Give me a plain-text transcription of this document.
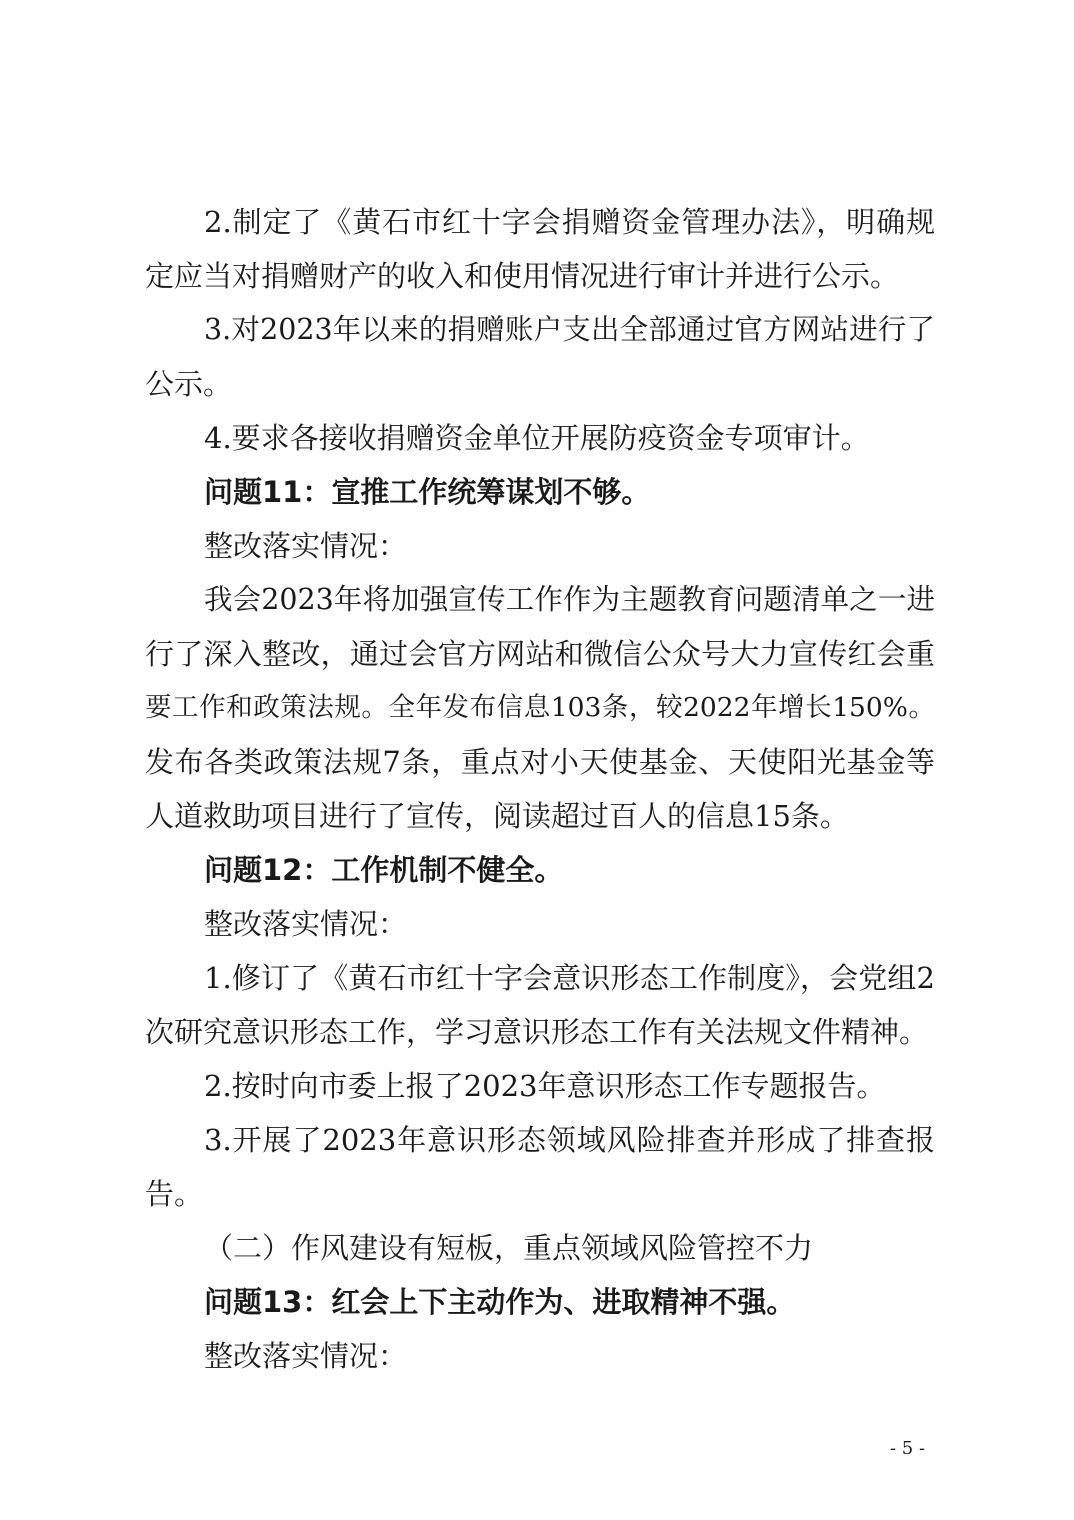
2.制定了《黄石市红十字会捐赠资金管理办法》，明确规
定应当对捐赠财产的收入和使用情况进行审计并进行公示。
3.对2023年以来的捐赠账户支出全部通过官方网站进行了
公示。
4.要求各接收捐赠资金单位开展防疫资金专项审计。
问题11：宣推工作统筹谋划不够。
整改落实情况：
我会2023年将加强宣传工作作为主题教育问题清单之一进
行了深入整改，通过会官方网站和微信公众号大力宣传红会重
要工作和政策法规。全年发布信息103条，较2022年增长150%。
发布各类政策法规7条，重点对小天使基金、天使阳光基金等
人道救助项目进行了宣传，阅读超过百人的信息15条。
问题12：工作机制不健全。
整改落实情况：
1.修订了《黄石市红十字会意识形态工作制度》，会党组2
次研究意识形态工作，学习意识形态工作有关法规文件精神。
2.按时向市委上报了2023年意识形态工作专题报告。
3.开展了2023年意识形态领域风险排查并形成了排查报
告。
（二）作风建设有短板，重点领域风险管控不力
问题13：红会上下主动作为、进取精神不强。
整改落实情况：
- 5 -
